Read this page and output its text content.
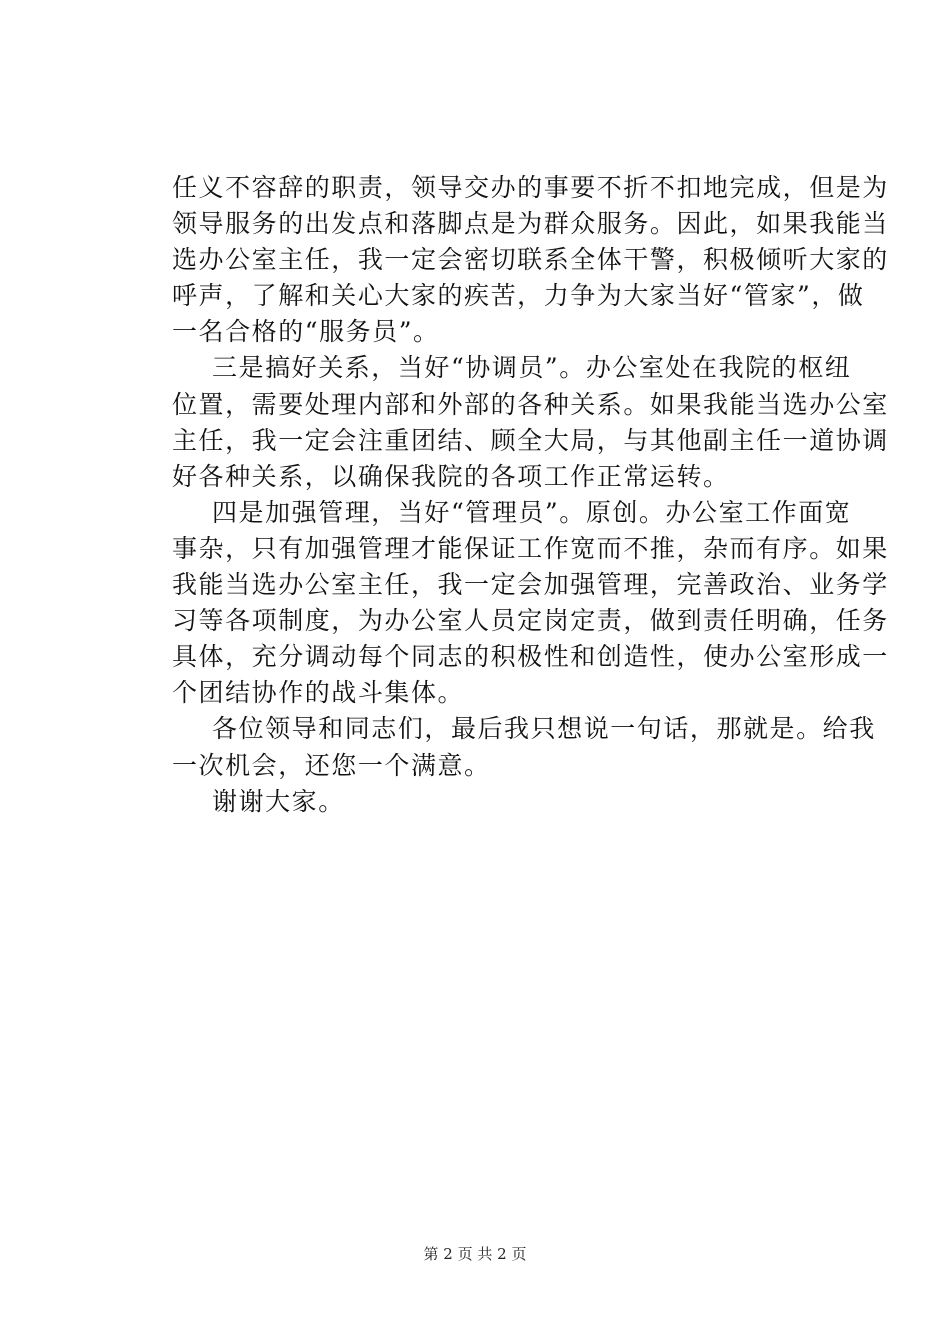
任义不容辞的职责，领导交办的事要不折不扣地完成，但是为
领导服务的出发点和落脚点是为群众服务。因此，如果我能当
选办公室主任，我一定会密切联系全体干警，积极倾听大家的
呼声，了解和关心大家的疾苦，力争为大家当好“管家”，做
一名合格的“服务员”。
三是搞好关系，当好“协调员”。办公室处在我院的枢纽
位置，需要处理内部和外部的各种关系。如果我能当选办公室
主任，我一定会注重团结、顾全大局，与其他副主任一道协调
好各种关系，以确保我院的各项工作正常运转。
四是加强管理，当好“管理员”。原创。办公室工作面宽
事杂，只有加强管理才能保证工作宽而不推，杂而有序。如果
我能当选办公室主任，我一定会加强管理，完善政治、业务学
习等各项制度，为办公室人员定岗定责，做到责任明确，任务
具体，充分调动每个同志的积极性和创造性，使办公室形成一
个团结协作的战斗集体。
各位领导和同志们，最后我只想说一句话，那就是。给我
一次机会，还您一个满意。
谢谢大家。
第 2 页 共 2 页
